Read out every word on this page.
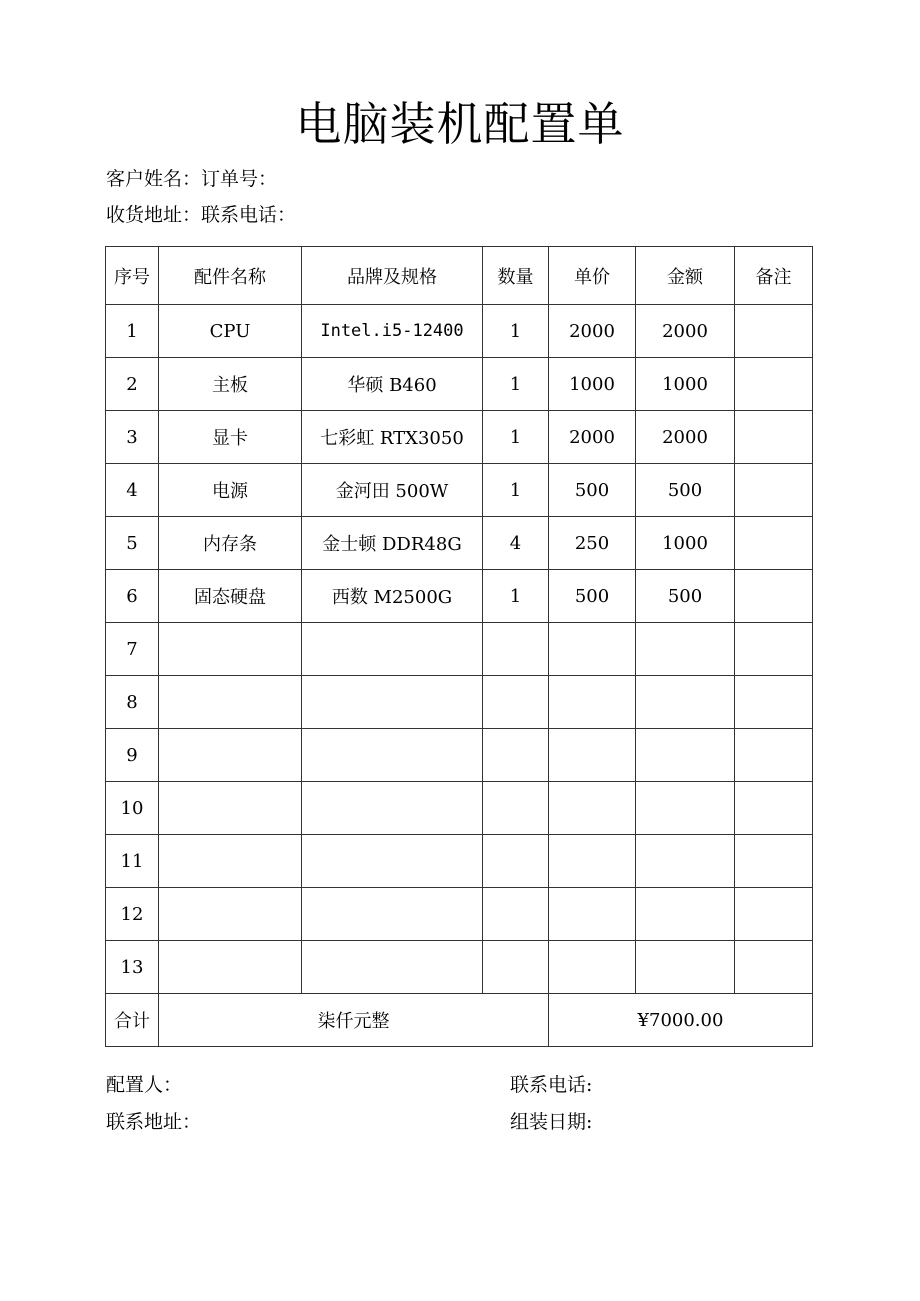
电脑装机配置单
客户姓名：订单号：
收货地址：联系电话：
序号	配件名称	品牌及规格	数量	单价	金额	备注
1	CPU	Intel.i5-12400	1	2000	2000	
2	主板	华硕 B460	1	1000	1000	
3	显卡	七彩虹 RTX3050	1	2000	2000	
4	电源	金河田 500W	1	500	500	
5	内存条	金士顿 DDR48G	4	250	1000	
6	固态硬盘	西数 M2500G	1	500	500	
7						
8						
9						
10						
11						
12						
13						
合计	柒仟元整			¥7000.00		
配置人：	联系电话:
联系地址：	组装日期:
